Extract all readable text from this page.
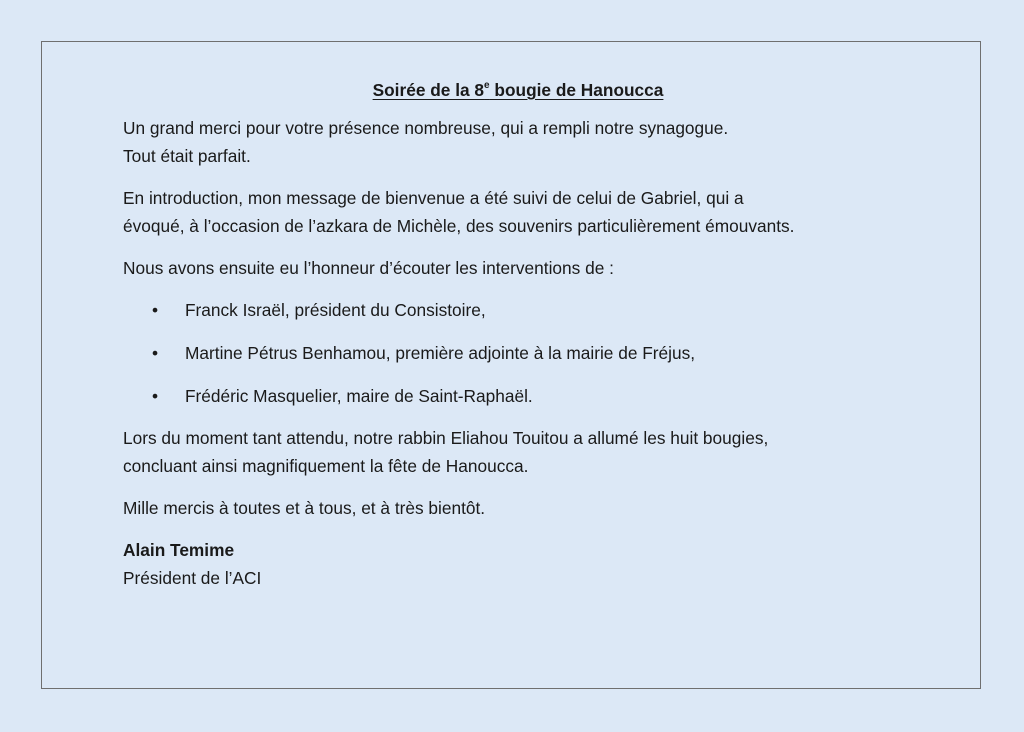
Soirée de la 8e bougie de Hanoucca

Un grand merci pour votre présence nombreuse, qui a rempli notre synagogue.
Tout était parfait.

En introduction, mon message de bienvenue a été suivi de celui de Gabriel, qui a
évoqué, à l’occasion de l’azkara de Michèle, des souvenirs particulièrement émouvants.

Nous avons ensuite eu l’honneur d’écouter les interventions de :

• Franck Israël, président du Consistoire,
• Martine Pétrus Benhamou, première adjointe à la mairie de Fréjus,
• Frédéric Masquelier, maire de Saint-Raphaël.

Lors du moment tant attendu, notre rabbin Eliahou Touitou a allumé les huit bougies,
concluant ainsi magnifiquement la fête de Hanoucca.

Mille mercis à toutes et à tous, et à très bientôt.

Alain Temime
Président de l’ACI
